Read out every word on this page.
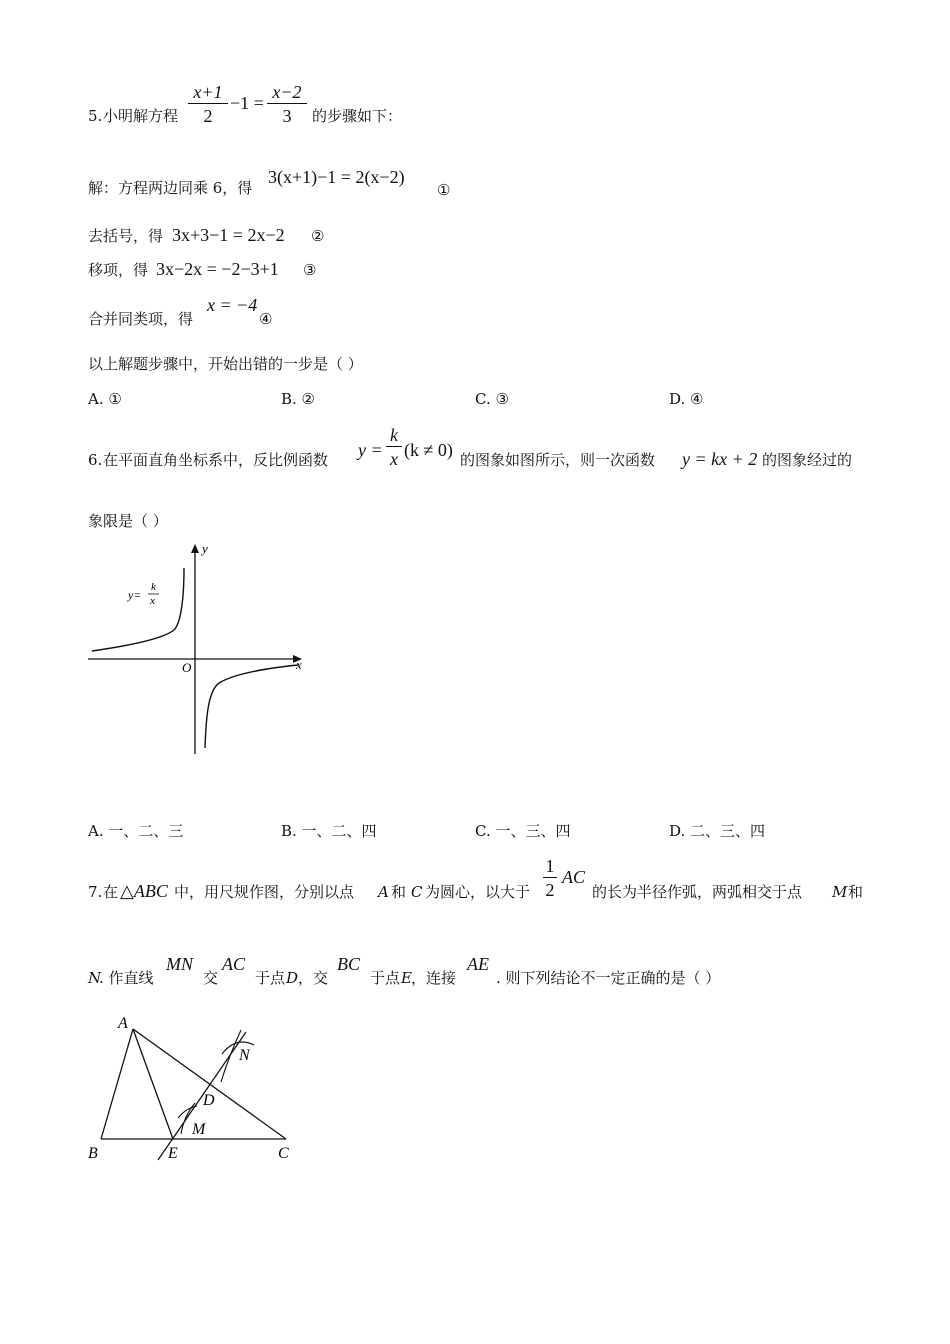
5. 小明解方程
x+1
2
−1 =
x−2
3	的步骤如下：
解：方程两边同乘 6，得
3(x+1)−1 = 2(x−2)
①
去括号，得 3x+3−1 = 2x−2 ②
移项，得 3x−2x = −2−3+1 ③
合并同类项，得
x = −4
④
以上解题步骤中，开始出错的一步是（ ）
A. ①	B. ②	C. ③	D. ④
6. 在平面直角坐标系中，反比例函数 y =
k
x (k ≠ 0) 的图象如图所示，则一次函数 y = kx + 2 的图象经过的
象限是（ ）
y
x
O
y=
k
x
A. 一、二、三	B. 一、二、四	C. 一、三、四	D. 二、三、四
7. 在 △ABC 中，用尺规作图，分别以点 A 和 C 为圆心，以大于
1
2
AC
的长为半径作弧，两弧相交于点 M 和
N
. 作直线
MN
交
AC
于点 D ，交
BC
于点 E ，连接
AE
. 则下列结论不一定正确的是（ ）
A
B	C
D
E
M
N
